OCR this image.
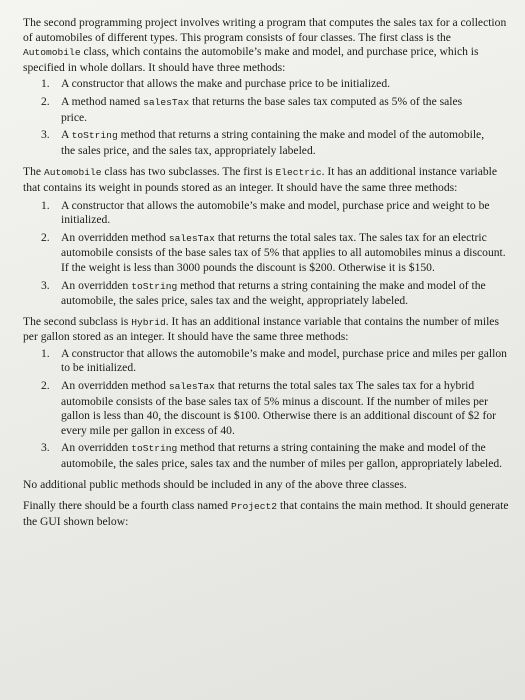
The second programming project involves writing a program that computes the sales tax for a collection of automobiles of different types. This program consists of four classes. The first class is the Automobile class, which contains the automobile’s make and model, and purchase price, which is specified in whole dollars. It should have three methods:

1. A constructor that allows the make and purchase price to be initialized.
2. A method named salesTax that returns the base sales tax computed as 5% of the sales price.
3. A toString method that returns a string containing the make and model of the automobile, the sales price, and the sales tax, appropriately labeled.

The Automobile class has two subclasses. The first is Electric. It has an additional instance variable that contains its weight in pounds stored as an integer. It should have the same three methods:

1. A constructor that allows the automobile’s make and model, purchase price and weight to be initialized.
2. An overridden method salesTax that returns the total sales tax. The sales tax for an electric automobile consists of the base sales tax of 5% that applies to all automobiles minus a discount. If the weight is less than 3000 pounds the discount is $200. Otherwise it is $150.
3. An overridden toString method that returns a string containing the make and model of the automobile, the sales price, sales tax and the weight, appropriately labeled.

The second subclass is Hybrid. It has an additional instance variable that contains the number of miles per gallon stored as an integer. It should have the same three methods:

1. A constructor that allows the automobile’s make and model, purchase price and miles per gallon to be initialized.
2. An overridden method salesTax that returns the total sales tax The sales tax for a hybrid automobile consists of the base sales tax of 5% minus a discount. If the number of miles per gallon is less than 40, the discount is $100. Otherwise there is an additional discount of $2 for every mile per gallon in excess of 40.
3. An overridden toString method that returns a string containing the make and model of the automobile, the sales price, sales tax and the number of miles per gallon, appropriately labeled.

No additional public methods should be included in any of the above three classes.

Finally there should be a fourth class named Project2 that contains the main method. It should generate the GUI shown below:
